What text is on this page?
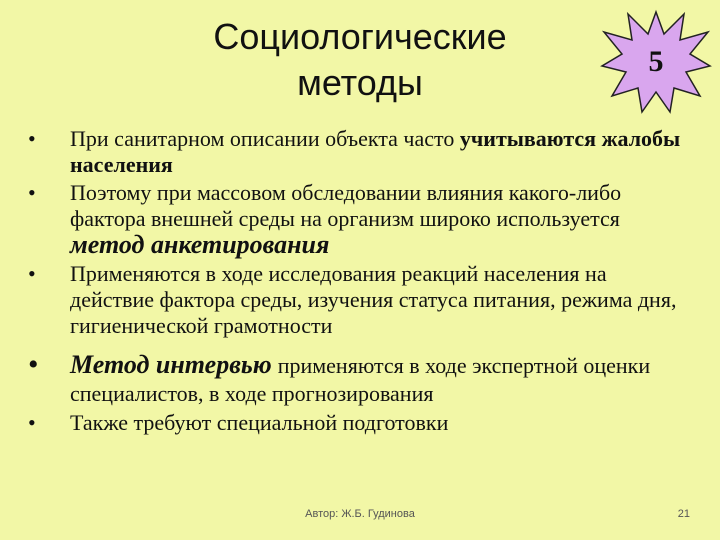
Социологические
методы
5
• При санитарном описании объекта часто учитываются жалобы населения
• Поэтому при массовом обследовании влияния какого-либо фактора внешней среды на организм широко используется метод анкетирования
• Применяются в ходе исследования реакций населения на действие фактора среды, изучения статуса питания, режима дня, гигиенической грамотности
• Метод интервью применяются в ходе экспертной оценки специалистов, в ходе прогнозирования
• Также требуют специальной подготовки
Автор: Ж.Б. Гудинова	21
